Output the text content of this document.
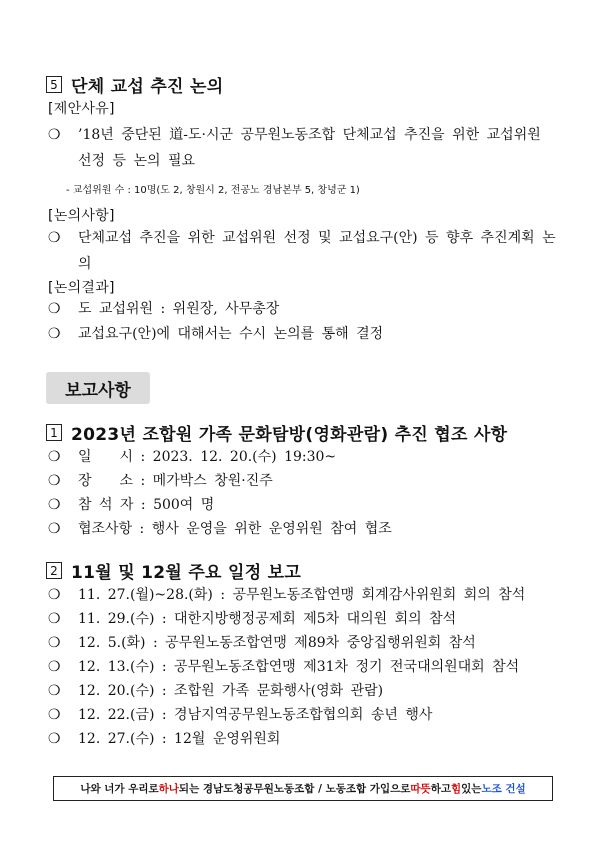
5 단체 교섭 추진 논의
[제안사유]
❍	’18년 중단된 道-도·시군 공무원노동조합 단체교섭 추진을 위한 교섭위원 선정 등 논의 필요
- 교섭위원 수 : 10명(도 2, 창원시 2, 전공노 경남본부 5, 창녕군 1)
[논의사항]
❍	단체교섭 추진을 위한 교섭위원 선정 및 교섭요구(안) 등 향후 추진계획 논의
[논의결과]
❍	도 교섭위원 : 위원장, 사무총장
❍	교섭요구(안)에 대해서는 수시 논의를 통해 결정
보고사항
1 2023년 조합원 가족 문화탐방(영화관람) 추진 협조 사항
❍	일　　시 : 2023. 12. 20.(수) 19:30~
❍	장　　소 : 메가박스 창원·진주
❍	참 석 자 : 500여 명
❍	협조사항 : 행사 운영을 위한 운영위원 참여 협조
2 11월 및 12월 주요 일정 보고
❍	11. 27.(월)~28.(화) : 공무원노동조합연맹 회계감사위원회 회의 참석
❍	11. 29.(수) : 대한지방행정공제회 제5차 대의원 회의 참석
❍	12. 5.(화) : 공무원노동조합연맹 제89차 중앙집행위원회 참석
❍	12. 13.(수) : 공무원노동조합연맹 제31차 정기 전국대의원대회 참석
❍	12. 20.(수) : 조합원 가족 문화행사(영화 관람)
❍	12. 22.(금) : 경남지역공무원노동조합협의회 송년 행사
❍	12. 27.(수) : 12월 운영위원회
나와 너가 우리로 하나 되는 경남도청공무원노동조합 / 노동조합 가입으로 따뜻 하고 힘 있는 노조 건설
